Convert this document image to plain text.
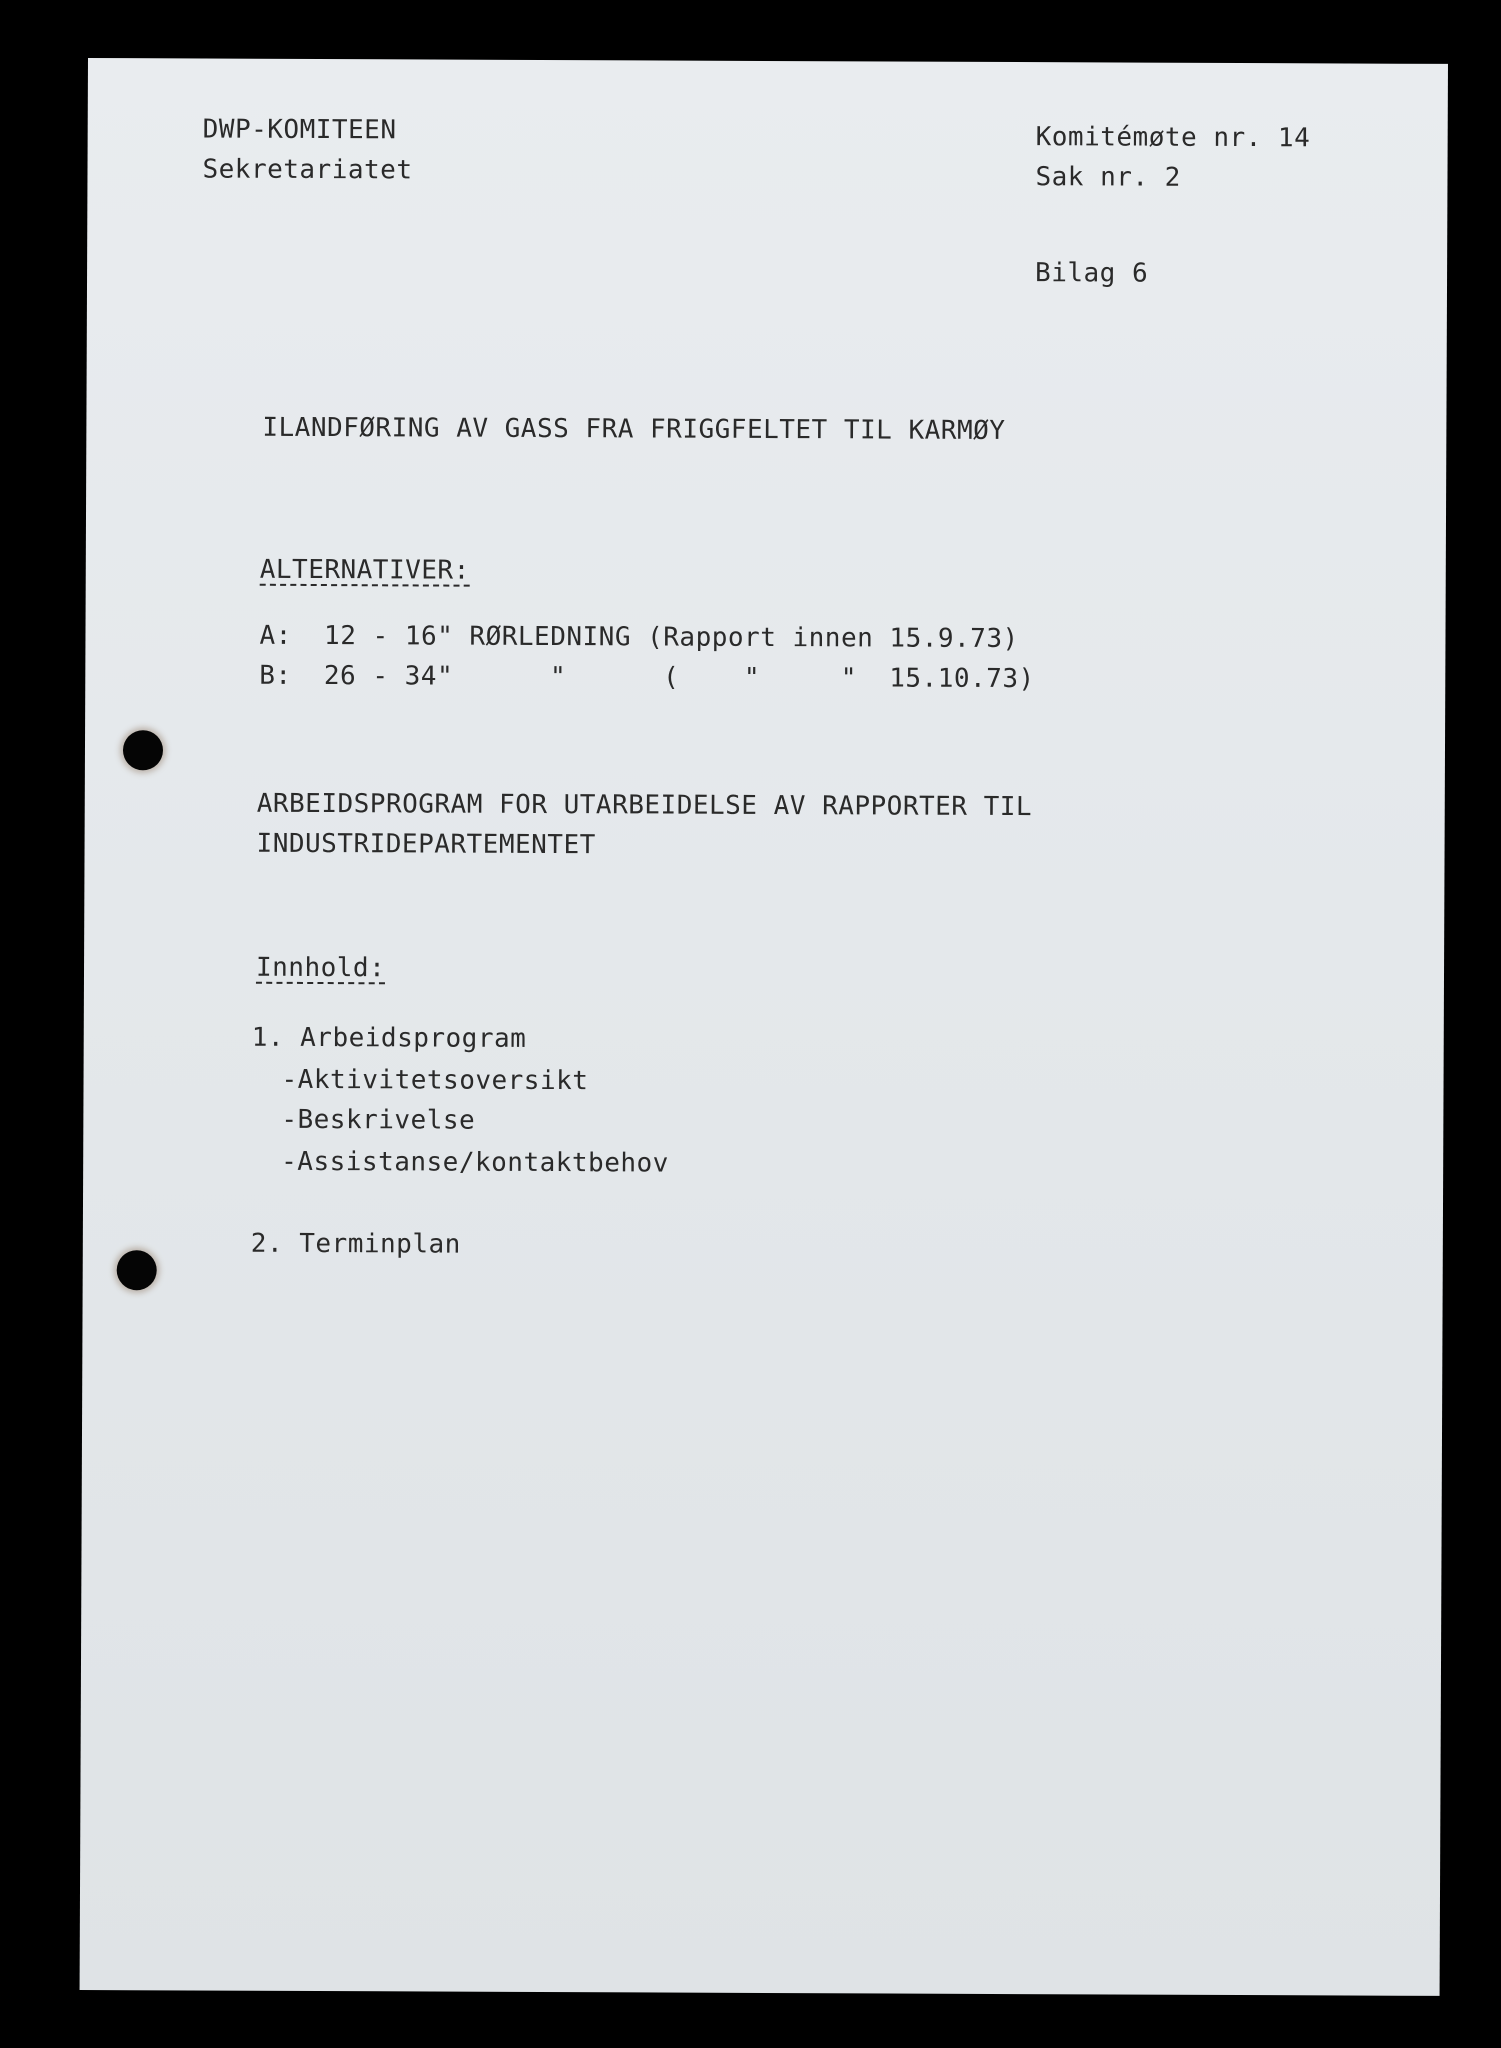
DWP-KOMITEEN
Sekretariatet
Komitémøte nr. 14
Sak nr. 2
Bilag 6
ILANDFØRING AV GASS FRA FRIGGFELTET TIL KARMØY
ALTERNATIVER:
A:  12 - 16" RØRLEDNING (Rapport innen 15.9.73)
B:  26 - 34"      "      (    "     "  15.10.73)
ARBEIDSPROGRAM FOR UTARBEIDELSE AV RAPPORTER TIL
INDUSTRIDEPARTEMENTET
Innhold:
1. Arbeidsprogram
-Aktivitetsoversikt
-Beskrivelse
-Assistanse/kontaktbehov
2. Terminplan
